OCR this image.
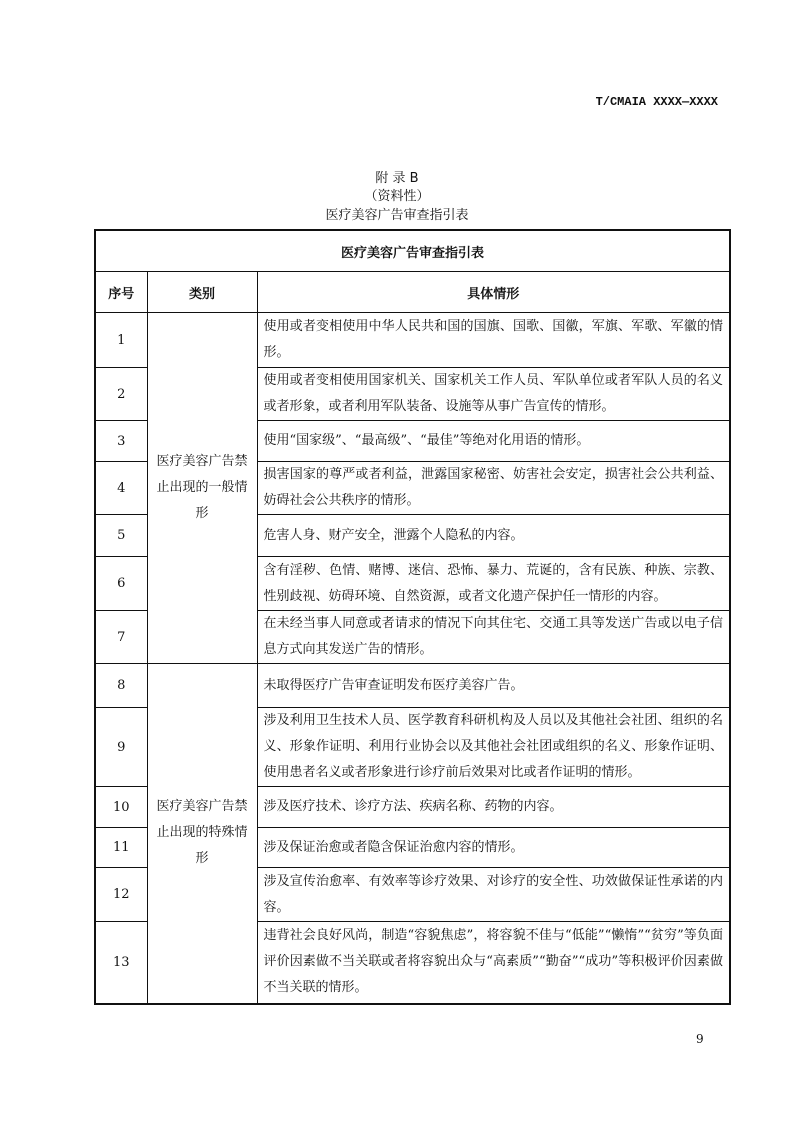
T/CMAIA XXXX—XXXX
附 录 B
（资料性）
医疗美容广告审查指引表
医疗美容广告审查指引表		
序号	类别	具体情形
1	医疗美容广告禁止出现的一般情形	使用或者变相使用中华人民共和国的国旗、国歌、国徽，军旗、军歌、军徽的情形。
2		使用或者变相使用国家机关、国家机关工作人员、军队单位或者军队人员的名义或者形象，或者利用军队装备、设施等从事广告宣传的情形。
3		使用“国家级”、“最高级”、“最佳”等绝对化用语的情形。
4		损害国家的尊严或者利益，泄露国家秘密、妨害社会安定，损害社会公共利益、妨碍社会公共秩序的情形。
5		危害人身、财产安全，泄露个人隐私的内容。
6		含有淫秽、色情、赌博、迷信、恐怖、暴力、荒诞的，含有民族、种族、宗教、性别歧视、妨碍环境、自然资源，或者文化遗产保护任一情形的内容。
7		在未经当事人同意或者请求的情况下向其住宅、交通工具等发送广告或以电子信息方式向其发送广告的情形。
8	医疗美容广告禁止出现的特殊情形	未取得医疗广告审查证明发布医疗美容广告。
9		涉及利用卫生技术人员、医学教育科研机构及人员以及其他社会社团、组织的名义、形象作证明、利用行业协会以及其他社会社团或组织的名义、形象作证明、使用患者名义或者形象进行诊疗前后效果对比或者作证明的情形。
10		涉及医疗技术、诊疗方法、疾病名称、药物的内容。
11		涉及保证治愈或者隐含保证治愈内容的情形。
12		涉及宣传治愈率、有效率等诊疗效果、对诊疗的安全性、功效做保证性承诺的内容。
13		违背社会良好风尚，制造“容貌焦虑”，将容貌不佳与“低能”“懒惰”“贫穷”等负面评价因素做不当关联或者将容貌出众与“高素质”“勤奋”“成功”等积极评价因素做不当关联的情形。
9
